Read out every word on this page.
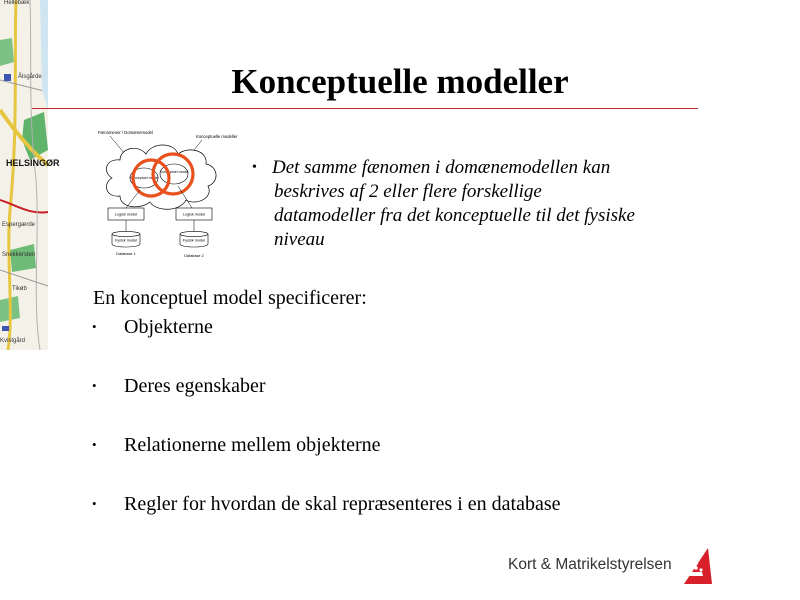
Hellebæk
Ålsgårde
HELSINGØR
Espergærde
Snekkersten
Tikøb
Kvistgård
Konceptuelle modeller
Fænomener / Domænemodel
Konceptuelle modeller
Konceptuel model
Konceptuel model
Logisk model	Logisk model
Fysisk model	Fysisk model
Database 1	Database 2
• Det samme fænomen i domænemodellen kan
beskrives af 2 eller flere forskellige
datamodeller fra det konceptuelle til det fysiske
niveau
En konceptuel model specificerer:
• Objekterne
• Deres egenskaber
• Relationerne mellem objekterne
• Regler for hvordan de skal repræsenteres i en database
Kort & Matrikelstyrelsen
